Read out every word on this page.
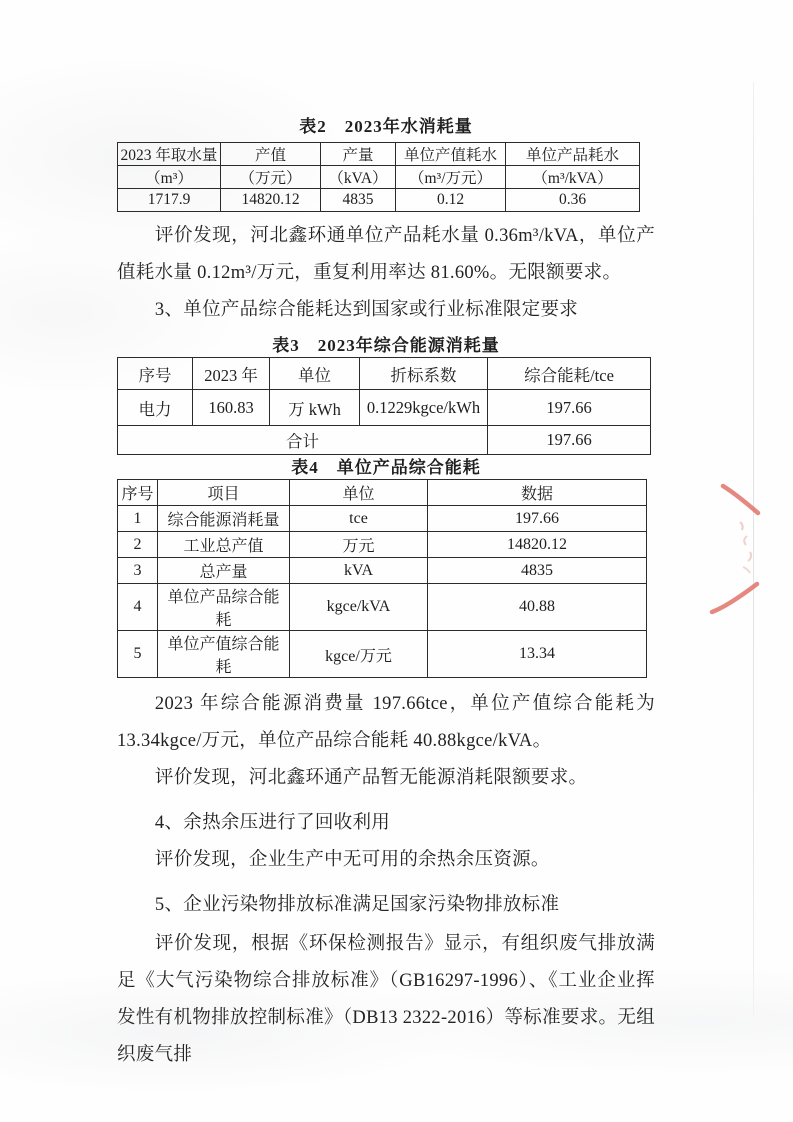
表2　2023年水消耗量

2023 年取水量	产值	产量	单位产值耗水	单位产品耗水
（m³）	（万元）	（kVA）	（m³/万元）	（m³/kVA）
1717.9	14820.12	4835	0.12	0.36

评价发现，河北鑫环通单位产品耗水量 0.36m³/kVA，单位产值耗水量 0.12m³/万元，重复利用率达 81.60%。无限额要求。

3、单位产品综合能耗达到国家或行业标准限定要求

表3　2023年综合能源消耗量

序号	2023 年	单位	折标系数	综合能耗/tce
电力	160.83	万 kWh	0.1229kgce/kWh	197.66
合计				197.66

表4　单位产品综合能耗

序号	项目	单位	数据
1	综合能源消耗量	tce	197.66
2	工业总产值	万元	14820.12
3	总产量	kVA	4835
4	单位产品综合能耗	kgce/kVA	40.88
5	单位产值综合能耗	kgce/万元	13.34

2023 年综合能源消费量 197.66tce，单位产值综合能耗为 13.34kgce/万元，单位产品综合能耗 40.88kgce/kVA。

评价发现，河北鑫环通产品暂无能源消耗限额要求。

4、余热余压进行了回收利用

评价发现，企业生产中无可用的余热余压资源。

5、企业污染物排放标准满足国家污染物排放标准

评价发现，根据《环保检测报告》显示，有组织废气排放满足《大气污染物综合排放标准》（GB16297-1996）、《工业企业挥发性有机物排放控制标准》（DB13 2322-2016）等标准要求。无组织废气排
